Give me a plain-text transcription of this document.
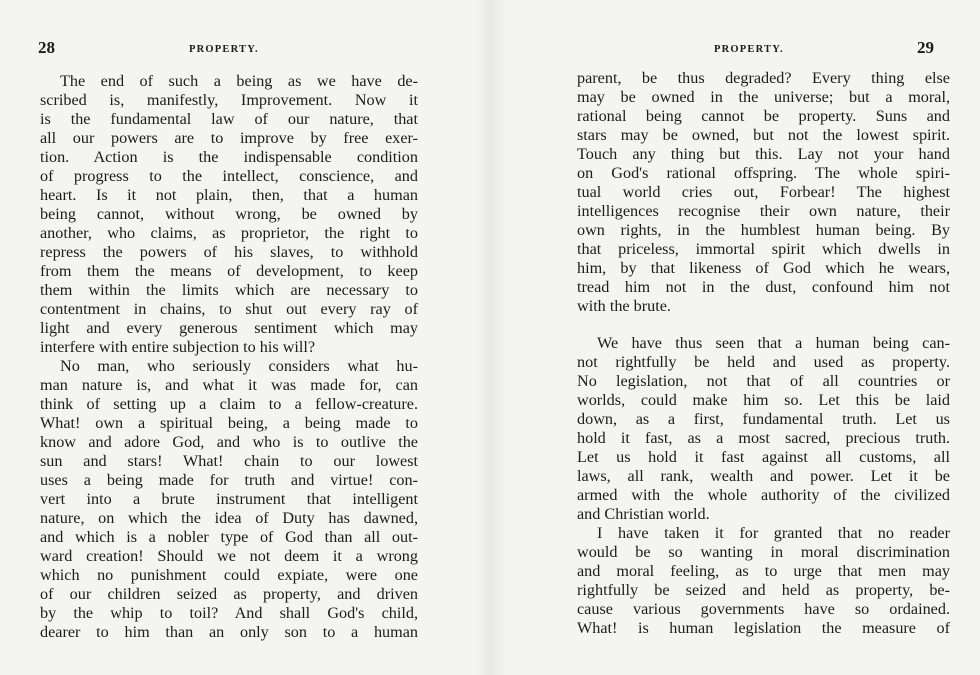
28	PROPERTY.
The end of such a being as we have de-
scribed is, manifestly, Improvement. Now it
is the fundamental law of our nature, that
all our powers are to improve by free exer-
tion. Action is the indispensable condition
of progress to the intellect, conscience, and
heart. Is it not plain, then, that a human
being cannot, without wrong, be owned by
another, who claims, as proprietor, the right to
repress the powers of his slaves, to withhold
from them the means of development, to keep
them within the limits which are necessary to
contentment in chains, to shut out every ray of
light and every generous sentiment which may
interfere with entire subjection to his will?
No man, who seriously considers what hu-
man nature is, and what it was made for, can
think of setting up a claim to a fellow-creature.
What! own a spiritual being, a being made to
know and adore God, and who is to outlive the
sun and stars! What! chain to our lowest
uses a being made for truth and virtue! con-
vert into a brute instrument that intelligent
nature, on which the idea of Duty has dawned,
and which is a nobler type of God than all out-
ward creation! Should we not deem it a wrong
which no punishment could expiate, were one
of our children seized as property, and driven
by the whip to toil? And shall God's child,
dearer to him than an only son to a human
29
PROPERTY.
parent, be thus degraded? Every thing else
may be owned in the universe; but a moral,
rational being cannot be property. Suns and
stars may be owned, but not the lowest spirit.
Touch any thing but this. Lay not your hand
on God's rational offspring. The whole spiri-
tual world cries out, Forbear! The highest
intelligences recognise their own nature, their
own rights, in the humblest human being. By
that priceless, immortal spirit which dwells in
him, by that likeness of God which he wears,
tread him not in the dust, confound him not
with the brute.
We have thus seen that a human being can-
not rightfully be held and used as property.
No legislation, not that of all countries or
worlds, could make him so. Let this be laid
down, as a first, fundamental truth. Let us
hold it fast, as a most sacred, precious truth.
Let us hold it fast against all customs, all
laws, all rank, wealth and power. Let it be
armed with the whole authority of the civilized
and Christian world.
I have taken it for granted that no reader
would be so wanting in moral discrimination
and moral feeling, as to urge that men may
rightfully be seized and held as property, be-
cause various governments have so ordained.
What! is human legislation the measure of
